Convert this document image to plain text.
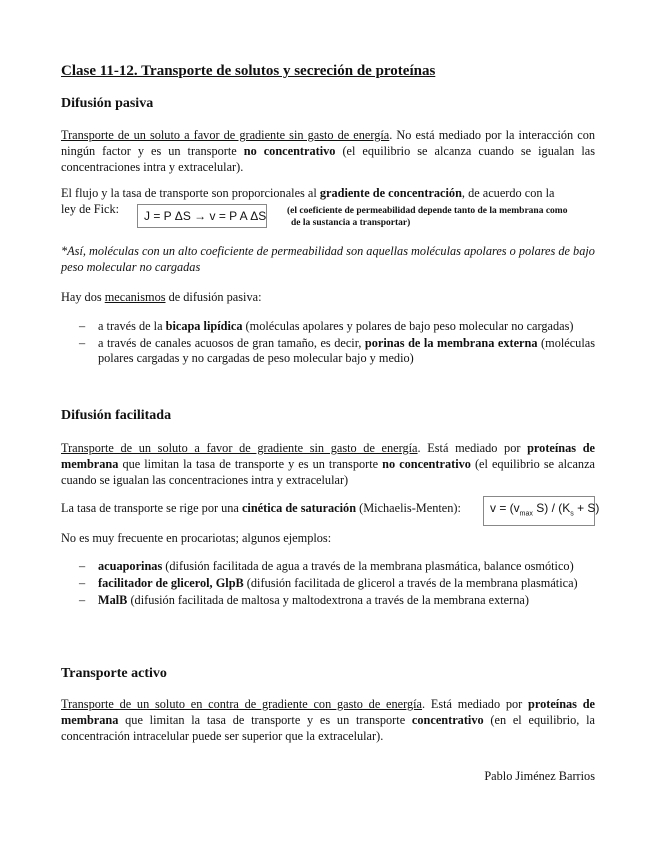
Clase 11-12. Transporte de solutos y secreción de proteínas
Difusión pasiva
Transporte de un soluto a favor de gradiente sin gasto de energía. No está mediado por la interacción con ningún factor y es un transporte no concentrativo (el equilibrio se alcanza cuando se igualan las concentraciones intra y extracelular).
El flujo y la tasa de transporte son proporcionales al gradiente de concentración, de acuerdo con la
ley de Fick:	J = P ΔS → v = P A ΔS (el coeficiente de permeabilidad depende tanto de la membrana como
de la sustancia a transportar)
*Así, moléculas con un alto coeficiente de permeabilidad son aquellas moléculas apolares o polares de bajo peso molecular no cargadas
Hay dos mecanismos de difusión pasiva:
– a través de la bicapa lipídica (moléculas apolares y polares de bajo peso molecular no cargadas)
– a través de canales acuosos de gran tamaño, es decir, porinas de la membrana externa (moléculas polares cargadas y no cargadas de peso molecular bajo y medio)
Difusión facilitada
Transporte de un soluto a favor de gradiente sin gasto de energía. Está mediado por proteínas de membrana que limitan la tasa de transporte y es un transporte no concentrativo (el equilibrio se alcanza cuando se igualan las concentraciones intra y extracelular)
La tasa de transporte se rige por una cinética de saturación (Michaelis-Menten):	$v = (v_{max}$ $S) / (K_s + S)$
No es muy frecuente en procariotas; algunos ejemplos:
– acuaporinas (difusión facilitada de agua a través de la membrana plasmática, balance osmótico)
– facilitador de glicerol, GlpB (difusión facilitada de glicerol a través de la membrana plasmática)
– MalB (difusión facilitada de maltosa y maltodextrona a través de la membrana externa)
Transporte activo
Transporte de un soluto en contra de gradiente con gasto de energía. Está mediado por proteínas de membrana que limitan la tasa de transporte y es un transporte concentrativo (en el equilibrio, la concentración intracelular puede ser superior que la extracelular).
Pablo Jiménez Barrios
